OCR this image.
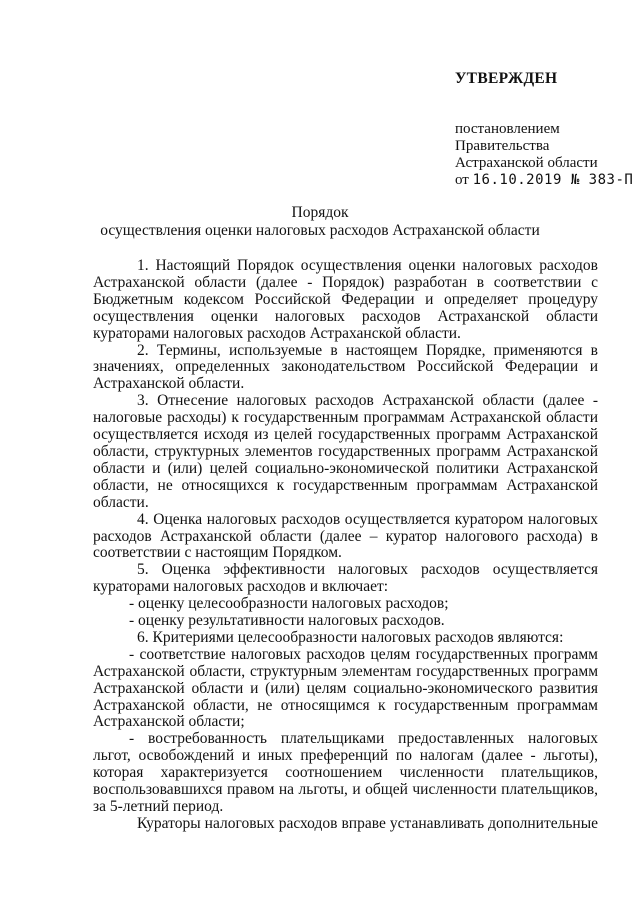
УТВЕРЖДЕН
постановлением
Правительства
Астраханской области
от 16.10.2019 № 383-П
Порядок
осуществления оценки налоговых расходов Астраханской области

1. Настоящий Порядок осуществления оценки налоговых расходов Астраханской области (далее - Порядок) разработан в соответствии с Бюджетным кодексом Российской Федерации и определяет процедуру осуществления оценки налоговых расходов Астраханской области кураторами налоговых расходов Астраханской области.

2. Термины, используемые в настоящем Порядке, применяются в значениях, определенных законодательством Российской Федерации и Астраханской области.

3. Отнесение налоговых расходов Астраханской области (далее - налоговые расходы) к государственным программам Астраханской области осуществляется исходя из целей государственных программ Астраханской области, структурных элементов государственных программ Астраханской области и (или) целей социально-экономической политики Астраханской области, не относящихся к государственным программам Астраханской области.

4. Оценка налоговых расходов осуществляется куратором налоговых расходов Астраханской области (далее – куратор налогового расхода) в соответствии с настоящим Порядком.

5. Оценка эффективности налоговых расходов осуществляется кураторами налоговых расходов и включает:

- оценку целесообразности налоговых расходов;

- оценку результативности налоговых расходов.

6. Критериями целесообразности налоговых расходов являются:

- соответствие налоговых расходов целям государственных программ Астраханской области, структурным элементам государственных программ Астраханской области и (или) целям социально-экономического развития Астраханской области, не относящимся к государственным программам Астраханской области;

- востребованность плательщиками предоставленных налоговых льгот, освобождений и иных преференций по налогам (далее - льготы), которая характеризуется соотношением численности плательщиков, воспользовавшихся правом на льготы, и общей численности плательщиков, за 5-летний период.

Кураторы налоговых расходов вправе устанавливать дополнительные
